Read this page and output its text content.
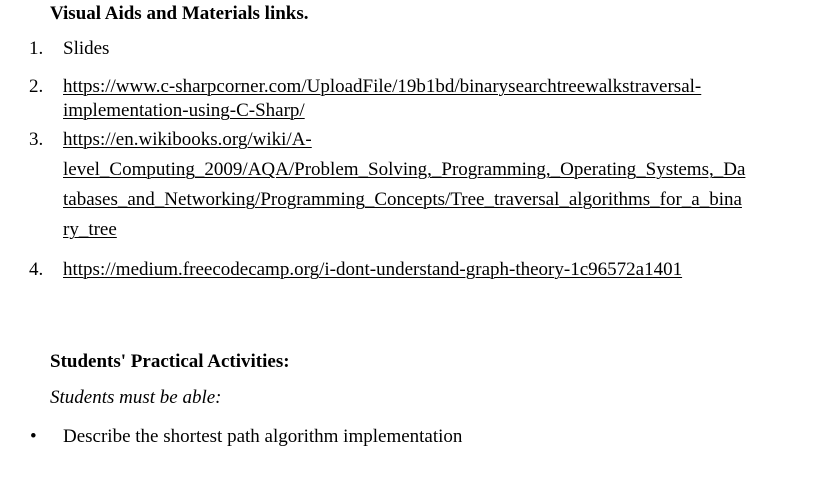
Visual Aids and Materials links.
1.	Slides
2.	https://www.c-sharpcorner.com/UploadFile/19b1bd/binarysearchtreewalkstraversal-
implementation-using-C-Sharp/
3.	https://en.wikibooks.org/wiki/A-
level_Computing_2009/AQA/Problem_Solving,_Programming,_Operating_Systems,_Da
tabases_and_Networking/Programming_Concepts/Tree_traversal_algorithms_for_a_bina
ry_tree
4.	https://medium.freecodecamp.org/i-dont-understand-graph-theory-1c96572a1401
Students' Practical Activities:
Students must be able:
• Describe the shortest path algorithm implementation
